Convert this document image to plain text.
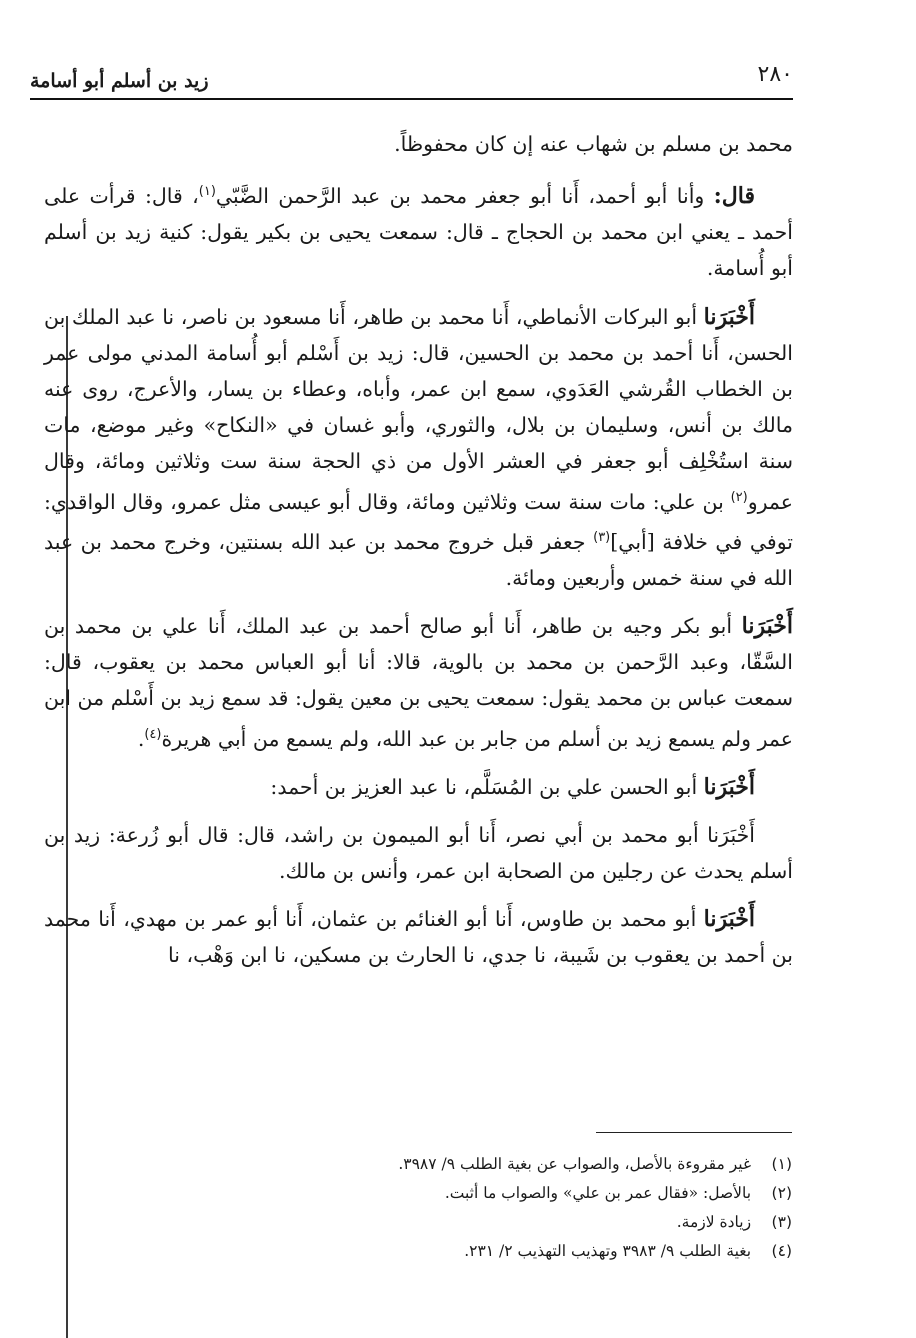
٢٨٠
زيد بن أسلم أبو أسامة

محمد بن مسلم بن شهاب عنه إن كان محفوظاً.

قال: وأنا أبو أحمد، أَنا أبو جعفر محمد بن عبد الرَّحمن الضَّبّي$^{(١)}$، قال: قرأت على أحمد ـ يعني ابن محمد بن الحجاج ـ قال: سمعت يحيى بن بكير يقول: كنية زيد بن أسلم أبو أُسامة.

أَخْبَرَنا أبو البركات الأنماطي، أَنا محمد بن طاهر، أَنا مسعود بن ناصر، نا عبد الملك بن الحسن، أَنا أحمد بن محمد بن الحسين، قال: زيد بن أَسْلم أبو أُسامة المدني مولى عمر بن الخطاب القُرشي العَدَوي، سمع ابن عمر، وأباه، وعطاء بن يسار، والأعرج، روى عنه مالك بن أنس، وسليمان بن بلال، والثوري، وأبو غسان في «النكاح» وغير موضع، مات سنة استُخْلِف أبو جعفر في العشر الأول من ذي الحجة سنة ست وثلاثين ومائة، وقال عمرو$^{(٢)}$ بن علي: مات سنة ست وثلاثين ومائة، وقال أبو عيسى مثل عمرو، وقال الواقدي: توفي في خلافة [أبي]$^{(٣)}$ جعفر قبل خروج محمد بن عبد الله بسنتين، وخرج محمد بن عبد الله في سنة خمس وأربعين ومائة.

أَخْبَرَنا أبو بكر وجيه بن طاهر، أَنا أبو صالح أحمد بن عبد الملك، أَنا علي بن محمد بن السَّقّا، وعبد الرَّحمن بن محمد بن بالوية، قالا: أنا أبو العباس محمد بن يعقوب، قال: سمعت عباس بن محمد يقول: سمعت يحيى بن معين يقول: قد سمع زيد بن أَسْلم من ابن عمر ولم يسمع زيد بن أسلم من جابر بن عبد الله، ولم يسمع من أبي هريرة$^{(٤)}$.

أَخْبَرَنا أبو الحسن علي بن المُسَلَّم، نا عبد العزيز بن أحمد:

أَخْبَرَنا أبو محمد بن أبي نصر، أَنا أبو الميمون بن راشد، قال: قال أبو زُرعة: زيد بن أسلم يحدث عن رجلين من الصحابة ابن عمر، وأنس بن مالك.

أَخْبَرَنا أبو محمد بن طاوس، أَنا أبو الغنائم بن عثمان، أَنا أبو عمر بن مهدي، أَنا محمد بن أحمد بن يعقوب بن شَيبة، نا جدي، نا الحارث بن مسكين، نا ابن وَهْب، نا

(١) غير مقروءة بالأصل، والصواب عن بغية الطلب ٩/ ٣٩٨٧.
(٢) بالأصل: «فقال عمر بن علي» والصواب ما أثبت.
(٣) زيادة لازمة.
(٤) بغية الطلب ٩/ ٣٩٨٣ وتهذيب التهذيب ٢/ ٢٣١.
